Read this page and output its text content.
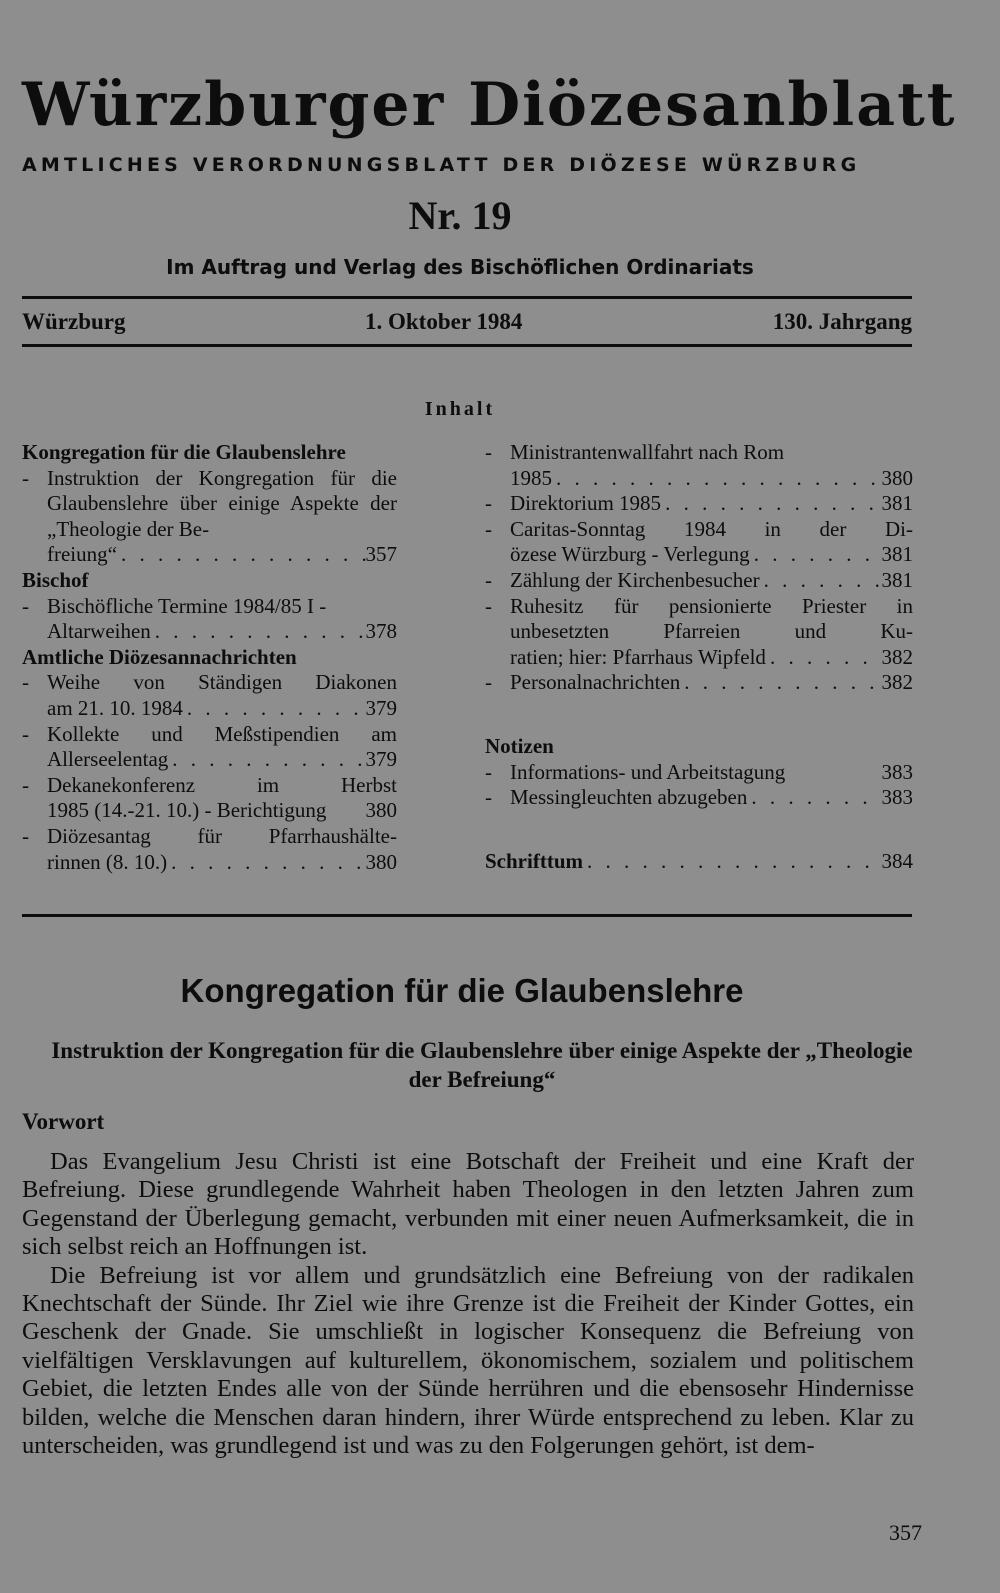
Würzburger Diözesanblatt
AMTLICHES VERORDNUNGSBLATT DER DIÖZESE WÜRZBURG
Nr. 19
Im Auftrag und Verlag des Bischöflichen Ordinariats
Würzburg	1. Oktober 1984	130. Jahrgang
Inhalt
Kongregation für die Glaubenslehre
- Instruktion der Kongregation für die Glaubenslehre über einige Aspekte der „Theologie der Be-
freiung“ . . .	357
Bischof
- Bischöfliche Termine 1984/85 I -
Altarweihen . . .	378
Amtliche Diözesannachrichten
- Weihe von Ständigen Diakonen
am 21. 10. 1984 . . .	379
- Kollekte und Meßstipendien am
Allerseelentag . . .	379
- Dekanekonferenz im Herbst
1985 (14.-21. 10.) - Berichtigung 380
- Diözesantag für Pfarrhaushälte-
rinnen (8. 10.) . . .	380
- Ministrantenwallfahrt nach Rom
1985 . . .	380
- Direktorium 1985 . . .	381
- Caritas-Sonntag 1984 in der Di-
özese Würzburg - Verlegung . . .	381
- Zählung der Kirchenbesucher . . .	381
- Ruhesitz für pensionierte Priester in unbesetzten Pfarreien und Ku-
ratien; hier: Pfarrhaus Wipfeld . . .	382
- Personalnachrichten . . .	382
Notizen
- Informations- und Arbeitstagung	383
- Messingleuchten abzugeben . . .	383
Schrifttum . . .	384
Kongregation für die Glaubenslehre
Instruktion der Kongregation für die Glaubenslehre über einige Aspekte der „Theologie der Befreiung“
Vorwort

Das Evangelium Jesu Christi ist eine Botschaft der Freiheit und eine Kraft der Befreiung. Diese grundlegende Wahrheit haben Theologen in den letzten Jahren zum Gegenstand der Überlegung gemacht, verbunden mit einer neuen Aufmerksamkeit, die in sich selbst reich an Hoffnungen ist.

Die Befreiung ist vor allem und grundsätzlich eine Befreiung von der radikalen Knechtschaft der Sünde. Ihr Ziel wie ihre Grenze ist die Freiheit der Kinder Gottes, ein Geschenk der Gnade. Sie umschließt in logischer Konsequenz die Befreiung von vielfältigen Versklavungen auf kulturellem, ökonomischem, sozialem und politischem Gebiet, die letzten Endes alle von der Sünde herrühren und die ebensosehr Hindernisse bilden, welche die Menschen daran hindern, ihrer Würde entsprechend zu leben. Klar zu unterscheiden, was grundlegend ist und was zu den Folgerungen gehört, ist dem-

357
